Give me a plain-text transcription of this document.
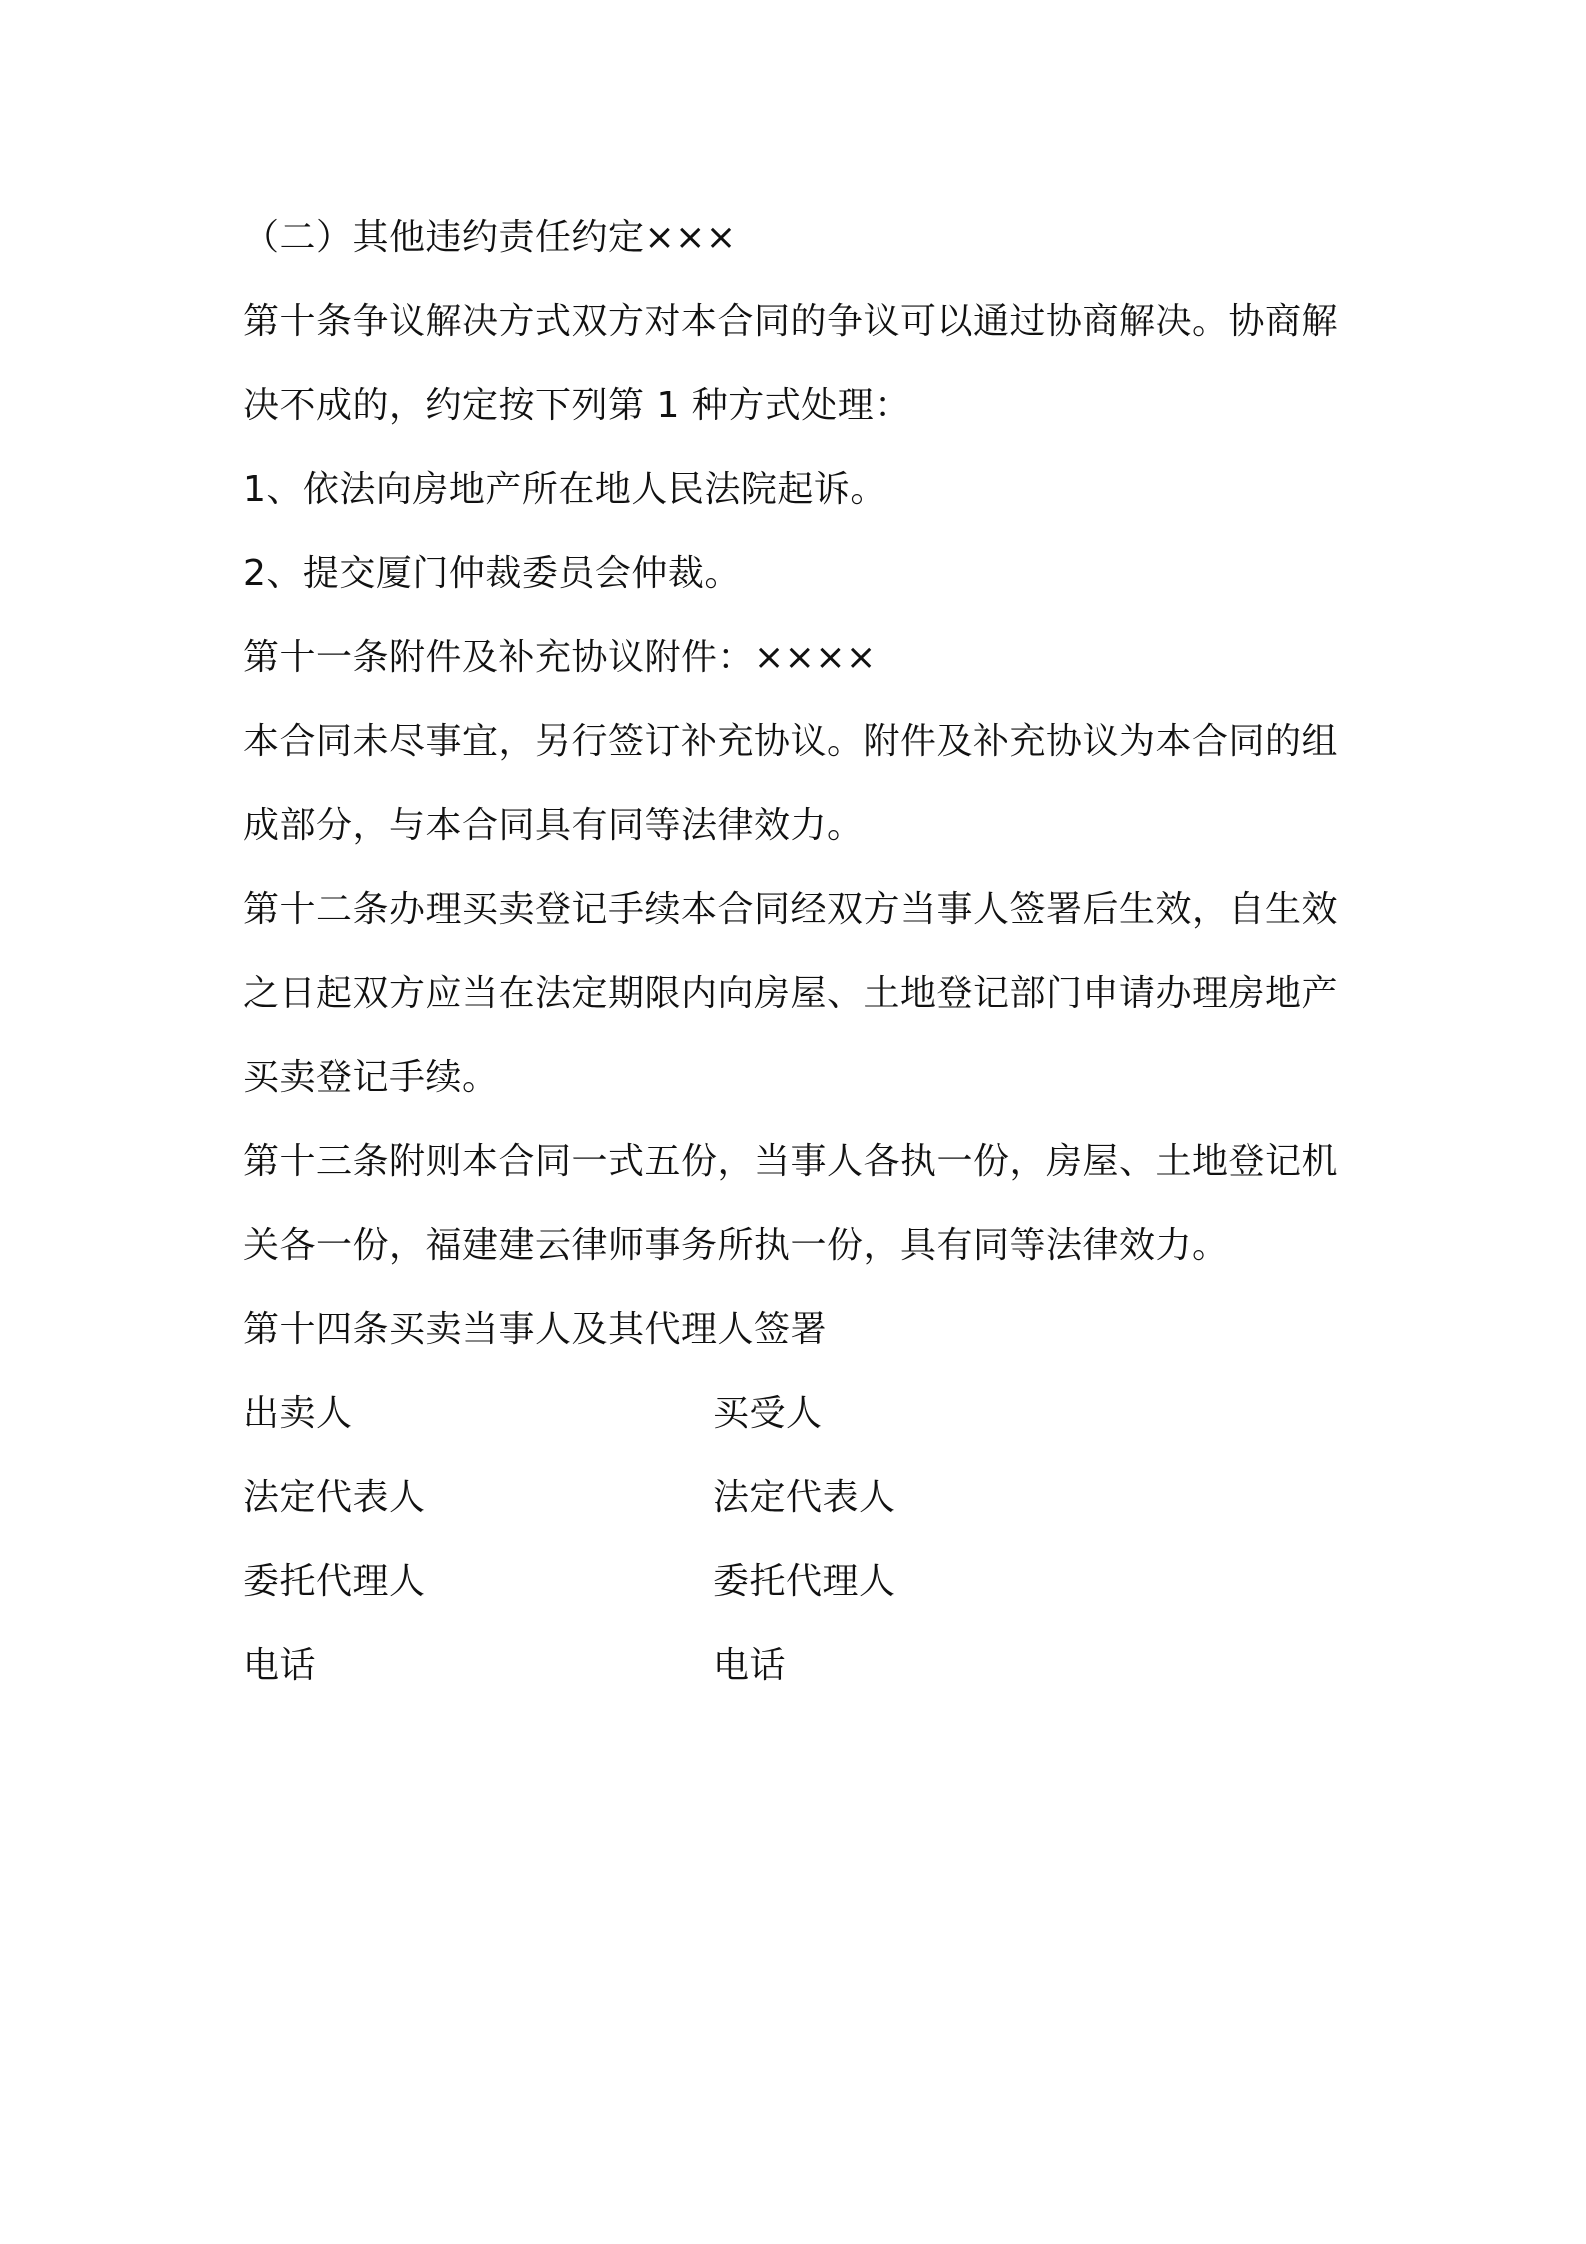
（二）其他违约责任约定×××

第十条争议解决方式双方对本合同的争议可以通过协商解决。协商解决不成的，约定按下列第 1 种方式处理：

1、依法向房地产所在地人民法院起诉。

2、提交厦门仲裁委员会仲裁。

第十一条附件及补充协议附件：××××

本合同未尽事宜，另行签订补充协议。附件及补充协议为本合同的组成部分，与本合同具有同等法律效力。

第十二条办理买卖登记手续本合同经双方当事人签署后生效，自生效之日起双方应当在法定期限内向房屋、土地登记部门申请办理房地产买卖登记手续。

第十三条附则本合同一式五份，当事人各执一份，房屋、土地登记机关各一份，福建建云律师事务所执一份，具有同等法律效力。

第十四条买卖当事人及其代理人签署

出卖人	买受人
法定代表人	法定代表人
委托代理人	委托代理人
电话	电话
